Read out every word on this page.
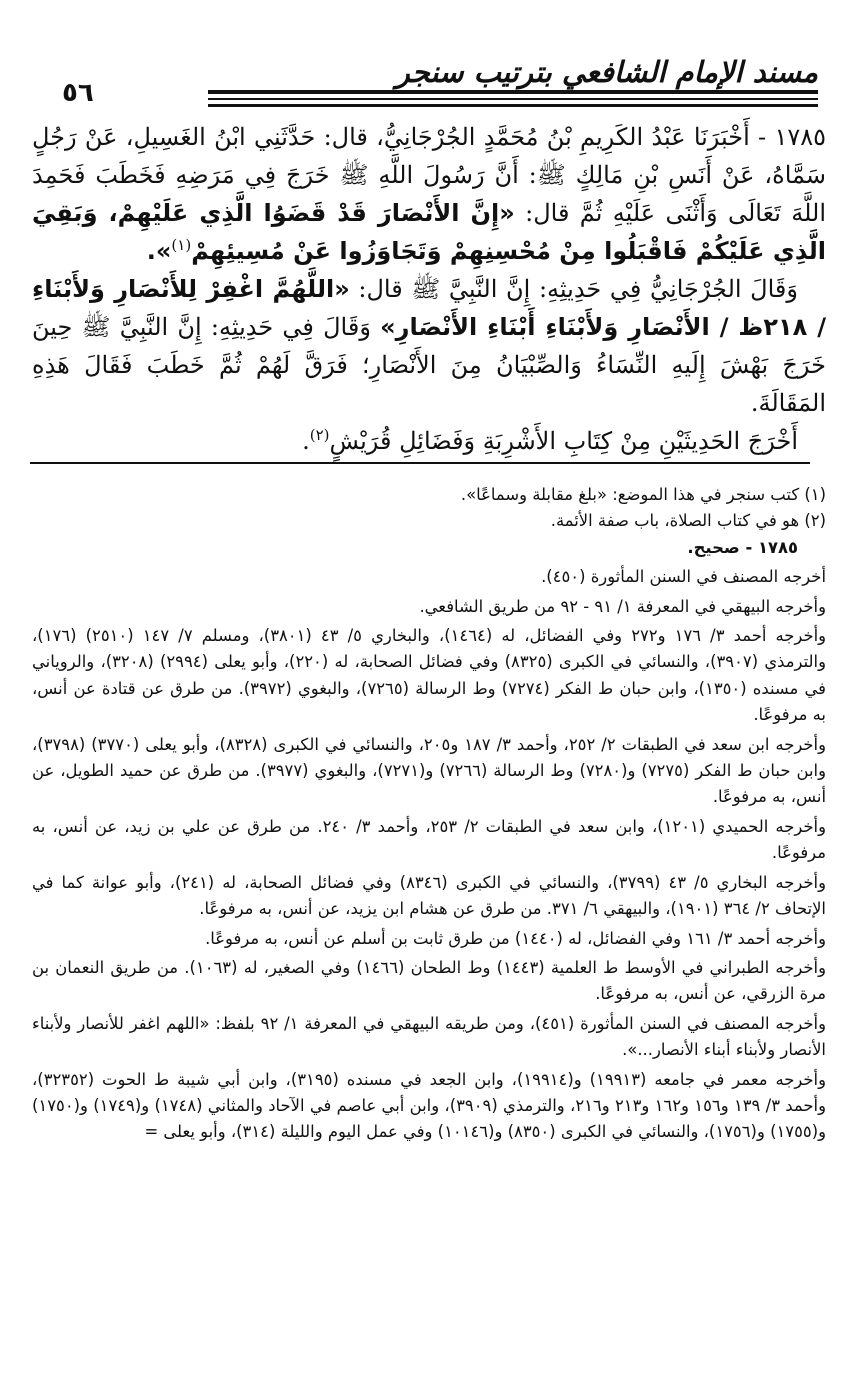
مسند الإمام الشافعي بترتيب سنجر
٥٦

١٧٨٥ - أَخْبَرَنَا عَبْدُ الكَرِيمِ بْنُ مُحَمَّدٍ الجُرْجَانِيُّ، قال: حَدَّثَنِي ابْنُ الغَسِيلِ، عَنْ رَجُلٍ سَمَّاهُ، عَنْ أَنَسِ بْنِ مَالِكٍ ﷺ: أَنَّ رَسُولَ اللَّهِ ﷺ خَرَجَ فِي مَرَضِهِ فَخَطَبَ فَحَمِدَ اللَّهَ تَعَالَى وَأَثْنَى عَلَيْهِ ثُمَّ قال: «إِنَّ الأَنْصَارَ قَدْ قَضَوُا الَّذِي عَلَيْهِمْ، وَبَقِيَ الَّذِي عَلَيْكُمْ فَاقْبَلُوا مِنْ مُحْسِنِهِمْ وَتَجَاوَزُوا عَنْ مُسِيئِهِمْ$^{(١)}$».

وَقَالَ الجُرْجَانِيُّ فِي حَدِيثِهِ: إِنَّ النَّبِيَّ ﷺ قال: «اللَّهُمَّ اغْفِرْ لِلأَنْصَارِ وَلأَبْنَاءِ / ٢١٨ظ / الأَنْصَارِ وَلأَبْنَاءِ أَبْنَاءِ الأَنْصَارِ» وَقَالَ فِي حَدِيثِهِ: إِنَّ النَّبِيَّ ﷺ حِينَ خَرَجَ بَهْشَ إِلَيهِ النِّسَاءُ وَالصِّبْيَانُ مِنَ الأَنْصَارِ؛ فَرَقَّ لَهُمْ ثُمَّ خَطَبَ فَقَالَ هَذِهِ المَقَالَةَ.

أَخْرَجَ الحَدِيثَيْنِ مِنْ كِتَابِ الأَشْرِبَةِ وَفَضَائِلِ قُرَيْشٍ$^{(٢)}$.

(١) كتب سنجر في هذا الموضع: «بلغ مقابلة وسماعًا».

(٢) هو في كتاب الصلاة، باب صفة الأئمة.

١٧٨٥ - صحيح.

أخرجه المصنف في السنن المأثورة (٤٥٠).

وأخرجه البيهقي في المعرفة ١/ ٩١ - ٩٢ من طريق الشافعي.

وأخرجه أحمد ٣/ ١٧٦ و٢٧٢ وفي الفضائل، له (١٤٦٤)، والبخاري ٥/ ٤٣ (٣٨٠١)، ومسلم ٧/ ١٤٧ (٢٥١٠) (١٧٦)، والترمذي (٣٩٠٧)، والنسائي في الكبرى (٨٣٢٥) وفي فضائل الصحابة، له (٢٢٠)، وأبو يعلى (٢٩٩٤) (٣٢٠٨)، والروياني في مسنده (١٣٥٠)، وابن حبان ط الفكر (٧٢٧٤) وط الرسالة (٧٢٦٥)، والبغوي (٣٩٧٢). من طرق عن قتادة عن أنس، به مرفوعًا.

وأخرجه ابن سعد في الطبقات ٢/ ٢٥٢، وأحمد ٣/ ١٨٧ و٢٠٥، والنسائي في الكبرى (٨٣٢٨)، وأبو يعلى (٣٧٧٠) (٣٧٩٨)، وابن حبان ط الفكر (٧٢٧٥) و(٧٢٨٠) وط الرسالة (٧٢٦٦) و(٧٢٧١)، والبغوي (٣٩٧٧). من طرق عن حميد الطويل، عن أنس، به مرفوعًا.

وأخرجه الحميدي (١٢٠١)، وابن سعد في الطبقات ٢/ ٢٥٣، وأحمد ٣/ ٢٤٠. من طرق عن علي بن زيد، عن أنس، به مرفوعًا.

وأخرجه البخاري ٥/ ٤٣ (٣٧٩٩)، والنسائي في الكبرى (٨٣٤٦) وفي فضائل الصحابة، له (٢٤١)، وأبو عوانة كما في الإتحاف ٢/ ٣٦٤ (١٩٠١)، والبيهقي ٦/ ٣٧١. من طرق عن هشام ابن يزيد، عن أنس، به مرفوعًا.

وأخرجه أحمد ٣/ ١٦١ وفي الفضائل، له (١٤٤٠) من طرق ثابت بن أسلم عن أنس، به مرفوعًا.

وأخرجه الطبراني في الأوسط ط العلمية (١٤٤٣) وط الطحان (١٤٦٦) وفي الصغير، له (١٠٦٣). من طريق النعمان بن مرة الزرقي، عن أنس، به مرفوعًا.

وأخرجه المصنف في السنن المأثورة (٤٥١)، ومن طريقه البيهقي في المعرفة ١/ ٩٢ بلفظ: «اللهم اغفر للأنصار ولأبناء الأنصار ولأبناء أبناء الأنصار...».

وأخرجه معمر في جامعه (١٩٩١٣) و(١٩٩١٤)، وابن الجعد في مسنده (٣١٩٥)، وابن أبي شيبة ط الحوت (٣٢٣٥٢)، وأحمد ٣/ ١٣٩ و١٥٦ و١٦٢ و٢١٣ و٢١٦، والترمذي (٣٩٠٩)، وابن أبي عاصم في الآحاد والمثاني (١٧٤٨) و(١٧٤٩) و(١٧٥٠) و(١٧٥٥) و(١٧٥٦)، والنسائي في الكبرى (٨٣٥٠) و(١٠١٤٦) وفي عمل اليوم والليلة (٣١٤)، وأبو يعلى =
